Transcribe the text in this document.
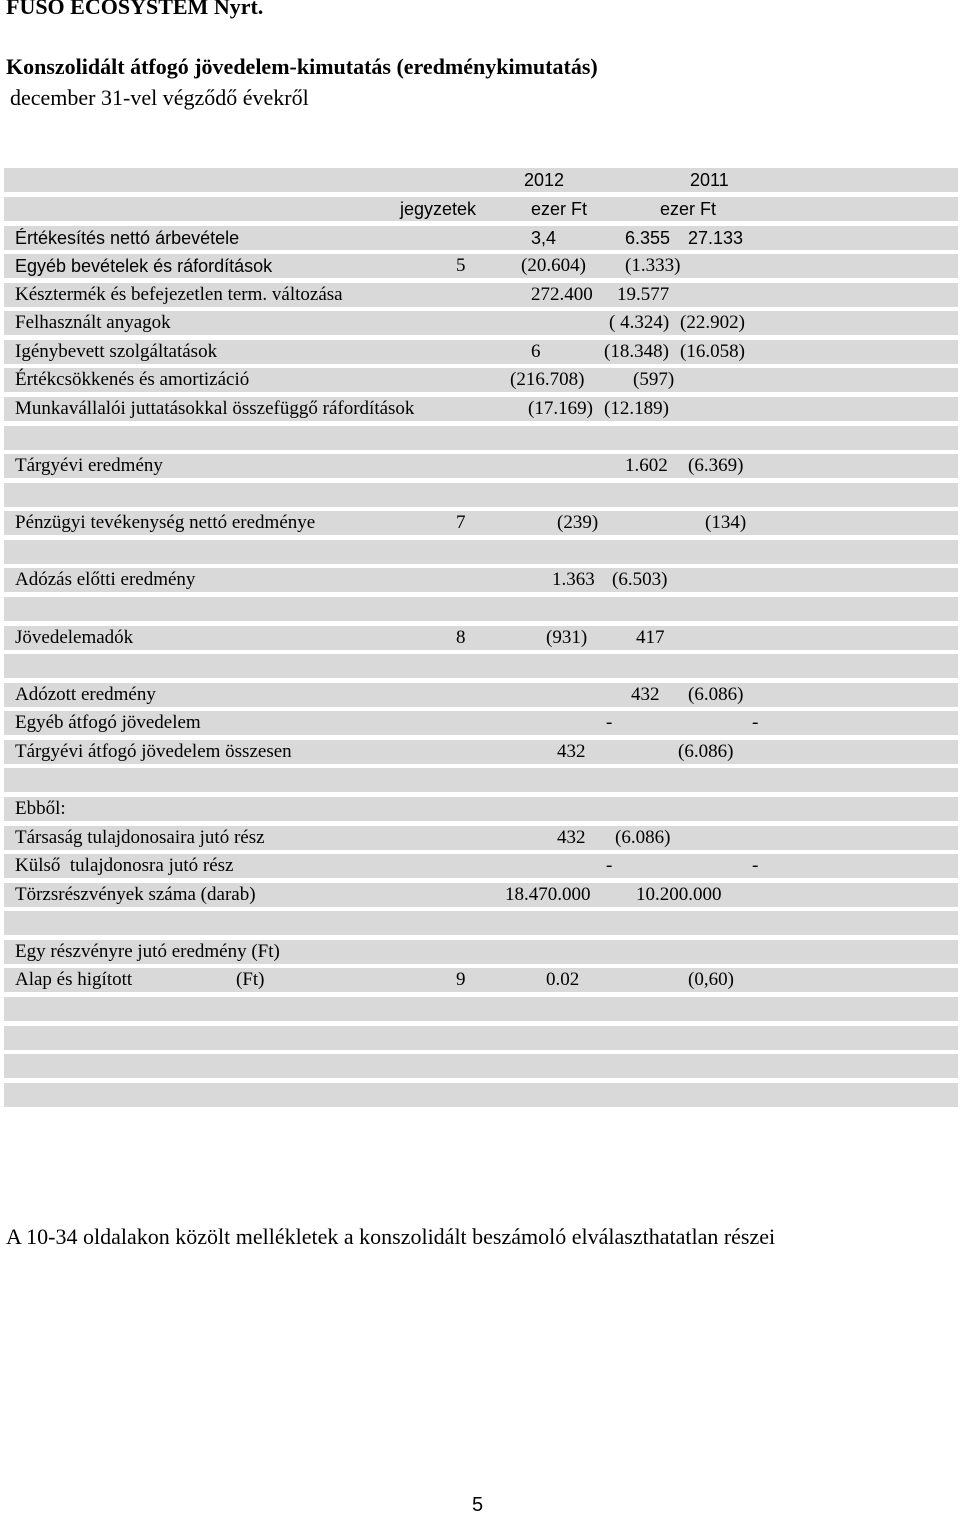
FUSO ECOSYSTEM Nyrt.
Konszolidált átfogó jövedelem-kimutatás (eredménykimutatás)
december 31-vel végződő évekről
2012	2011
jegyzetek	ezer Ft	ezer Ft
Értékesítés nettó árbevétele	3,4	6.355 27.133
Egyéb bevételek és ráfordítások	5	(20.604) (1.333)
Késztermék és befejezetlen term. változása	272.400 19.577
Felhasznált anyagok	( 4.324) (22.902)
Igénybevett szolgáltatások	6	(18.348) (16.058)
Értékcsökkenés és amortizáció	(216.708)	(597)
Munkavállalói juttatásokkal összefüggő ráfordítások	(17.169) (12.189)
Tárgyévi eredmény	1.602 (6.369)
Pénzügyi tevékenység nettó eredménye	7	(239)	(134)
Adózás előtti eredmény	1.363 (6.503)
Jövedelemadók	8	(931)	417
Adózott eredmény	432 (6.086)
Egyéb átfogó jövedelem	-	-
Tárgyévi átfogó jövedelem összesen	432	(6.086)
Ebből:
Társaság tulajdonosaira jutó rész	432 (6.086)
Külső  tulajdonosra jutó rész	-	-
Törzsrészvények száma (darab)	18.470.000 10.200.000
Egy részvényre jutó eredmény (Ft)
Alap és higított	(Ft)	9	0.02	(0,60)
A 10-34 oldalakon közölt mellékletek a konszolidált beszámoló elválaszthatatlan részei
5
